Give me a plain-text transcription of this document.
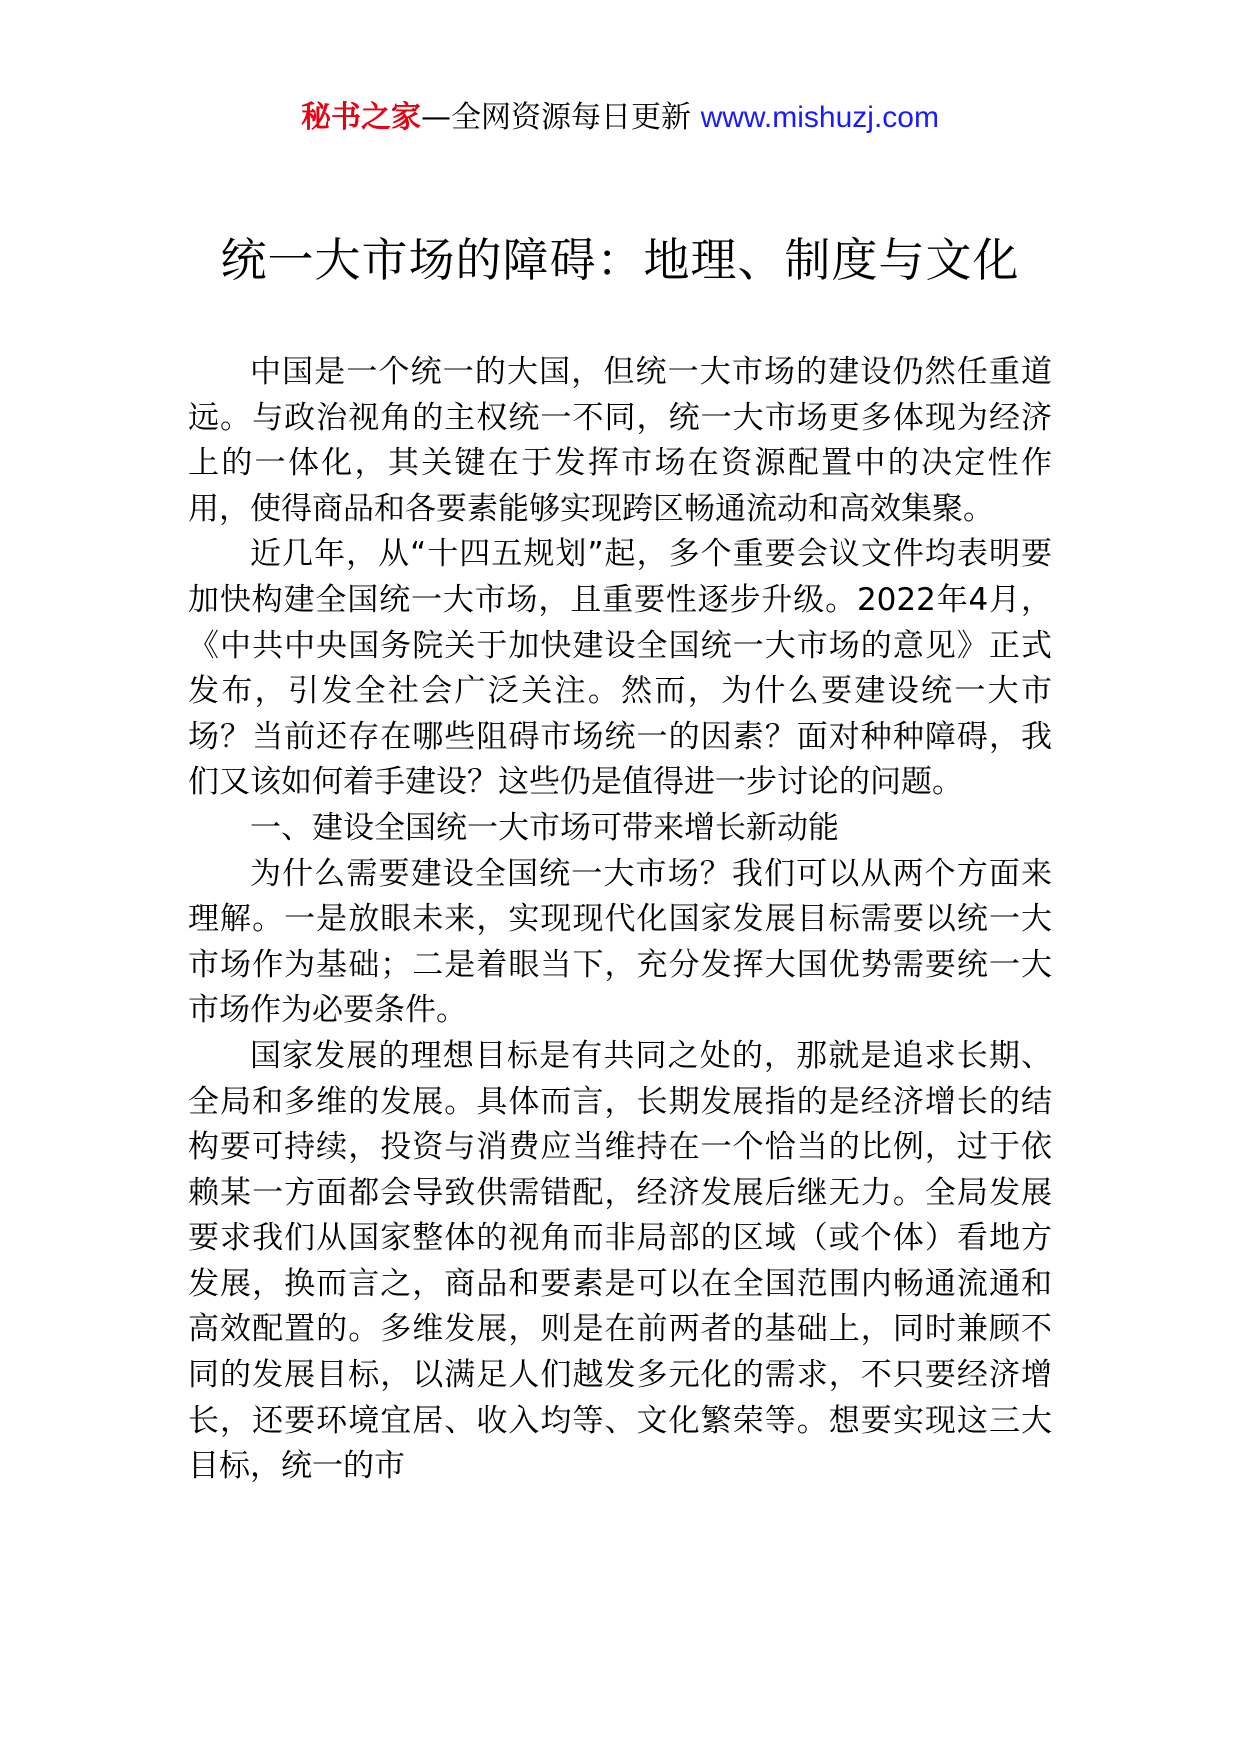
秘书之家—全网资源每日更新 www.mishuzj.com
统一大市场的障碍：地理、制度与文化

中国是一个统一的大国，但统一大市场的建设仍然任重道远。与政治视角的主权统一不同，统一大市场更多体现为经济上的一体化，其关键在于发挥市场在资源配置中的决定性作用，使得商品和各要素能够实现跨区畅通流动和高效集聚。

近几年，从“十四五规划”起，多个重要会议文件均表明要加快构建全国统一大市场，且重要性逐步升级。2022年4月，《中共中央国务院关于加快建设全国统一大市场的意见》正式发布，引发全社会广泛关注。然而，为什么要建设统一大市场？当前还存在哪些阻碍市场统一的因素？面对种种障碍，我们又该如何着手建设？这些仍是值得进一步讨论的问题。

一、建设全国统一大市场可带来增长新动能

为什么需要建设全国统一大市场？我们可以从两个方面来理解。一是放眼未来，实现现代化国家发展目标需要以统一大市场作为基础；二是着眼当下，充分发挥大国优势需要统一大市场作为必要条件。

国家发展的理想目标是有共同之处的，那就是追求长期、全局和多维的发展。具体而言，长期发展指的是经济增长的结构要可持续，投资与消费应当维持在一个恰当的比例，过于依赖某一方面都会导致供需错配，经济发展后继无力。全局发展要求我们从国家整体的视角而非局部的区域（或个体）看地方发展，换而言之，商品和要素是可以在全国范围内畅通流通和高效配置的。多维发展，则是在前两者的基础上，同时兼顾不同的发展目标，以满足人们越发多元化的需求，不只要经济增长，还要环境宜居、收入均等、文化繁荣等。想要实现这三大目标，统一的市
